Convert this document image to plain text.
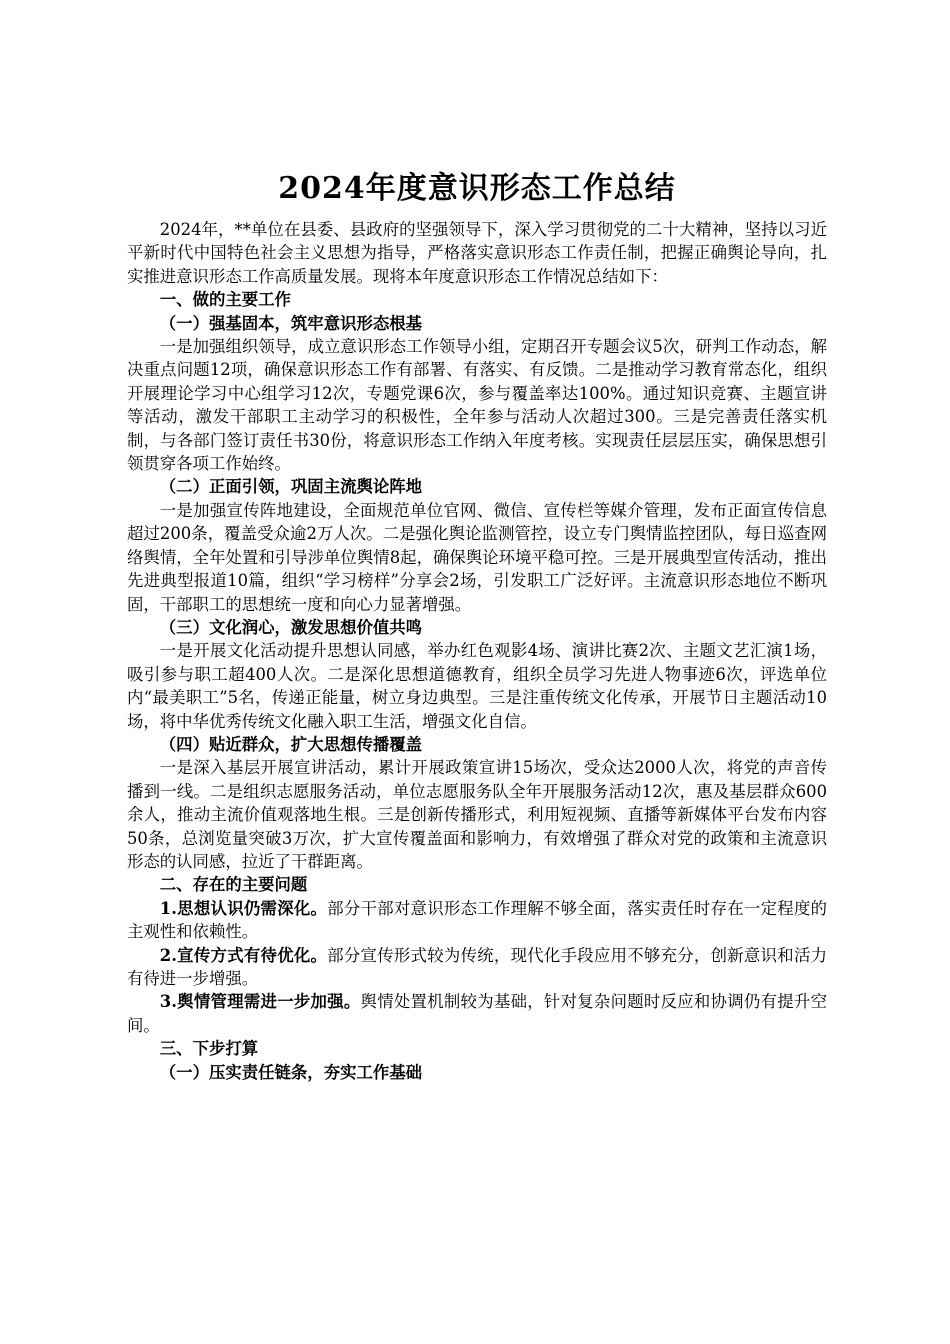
2024年度意识形态工作总结

2024年，**单位在县委、县政府的坚强领导下，深入学习贯彻党的二十大精神，坚持以习近平新时代中国特色社会主义思想为指导，严格落实意识形态工作责任制，把握正确舆论导向，扎实推进意识形态工作高质量发展。现将本年度意识形态工作情况总结如下：

一、做的主要工作

（一）强基固本，筑牢意识形态根基

一是加强组织领导，成立意识形态工作领导小组，定期召开专题会议5次，研判工作动态，解决重点问题12项，确保意识形态工作有部署、有落实、有反馈。二是推动学习教育常态化，组织开展理论学习中心组学习12次，专题党课6次，参与覆盖率达100%。通过知识竞赛、主题宣讲等活动，激发干部职工主动学习的积极性，全年参与活动人次超过300。三是完善责任落实机制，与各部门签订责任书30份，将意识形态工作纳入年度考核。实现责任层层压实，确保思想引领贯穿各项工作始终。

（二）正面引领，巩固主流舆论阵地

一是加强宣传阵地建设，全面规范单位官网、微信、宣传栏等媒介管理，发布正面宣传信息超过200条，覆盖受众逾2万人次。二是强化舆论监测管控，设立专门舆情监控团队，每日巡查网络舆情，全年处置和引导涉单位舆情8起，确保舆论环境平稳可控。三是开展典型宣传活动，推出先进典型报道10篇，组织“学习榜样”分享会2场，引发职工广泛好评。主流意识形态地位不断巩固，干部职工的思想统一度和向心力显著增强。

（三）文化润心，激发思想价值共鸣

一是开展文化活动提升思想认同感，举办红色观影4场、演讲比赛2次、主题文艺汇演1场，吸引参与职工超400人次。二是深化思想道德教育，组织全员学习先进人物事迹6次，评选单位内“最美职工”5名，传递正能量，树立身边典型。三是注重传统文化传承，开展节日主题活动10场，将中华优秀传统文化融入职工生活，增强文化自信。

（四）贴近群众，扩大思想传播覆盖

一是深入基层开展宣讲活动，累计开展政策宣讲15场次，受众达2000人次，将党的声音传播到一线。二是组织志愿服务活动，单位志愿服务队全年开展服务活动12次，惠及基层群众600余人，推动主流价值观落地生根。三是创新传播形式，利用短视频、直播等新媒体平台发布内容50条，总浏览量突破3万次，扩大宣传覆盖面和影响力，有效增强了群众对党的政策和主流意识形态的认同感，拉近了干群距离。

二、存在的主要问题

1.思想认识仍需深化。部分干部对意识形态工作理解不够全面，落实责任时存在一定程度的主观性和依赖性。

2.宣传方式有待优化。部分宣传形式较为传统，现代化手段应用不够充分，创新意识和活力有待进一步增强。

3.舆情管理需进一步加强。舆情处置机制较为基础，针对复杂问题时反应和协调仍有提升空间。

三、下步打算

（一）压实责任链条，夯实工作基础
